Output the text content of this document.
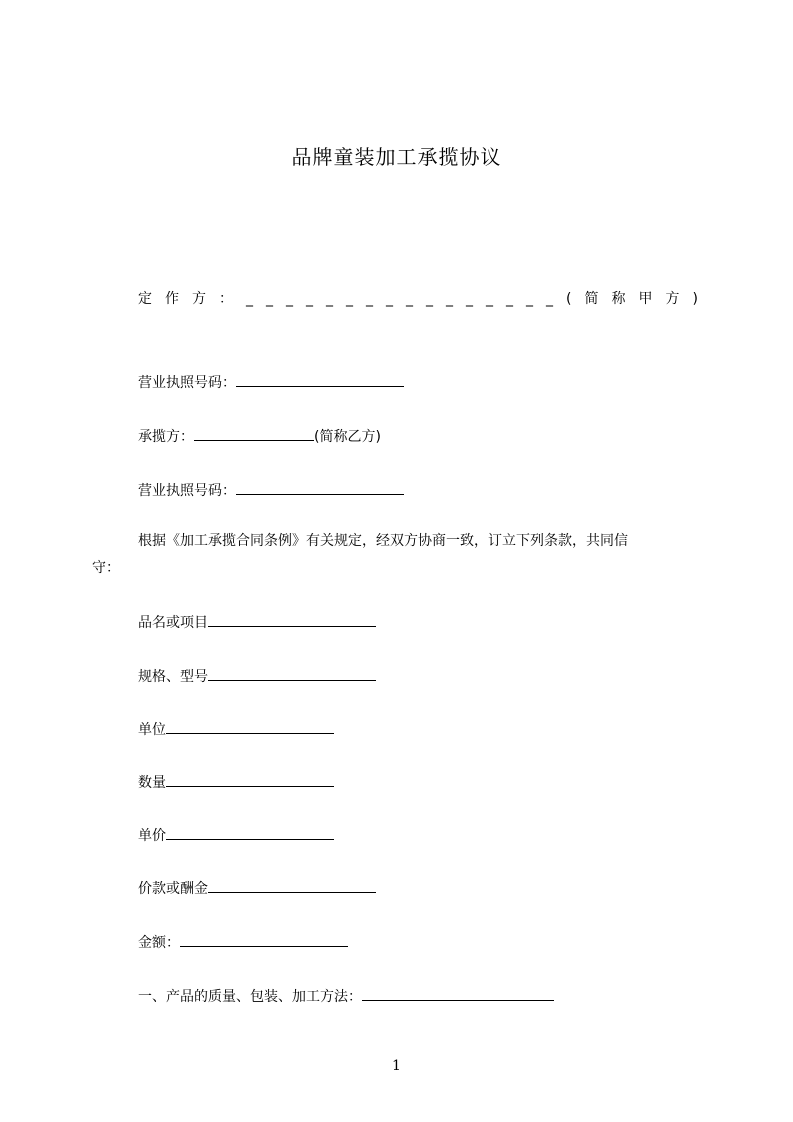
品牌童装加工承揽协议
定 作 方 ： _ _ _ _ _ _ _ _ _ _ _ _ _ _ _ _ ( 简 称 甲 方 )
营业执照号码：
承揽方：	(简称乙方)
营业执照号码：
根据《加工承揽合同条例》有关规定，经双方协商一致，订立下列条款，共同信
守：
品名或项目
规格、型号
单位
数量
单价
价款或酬金
金额：
一、产品的质量、包装、加工方法：
1
